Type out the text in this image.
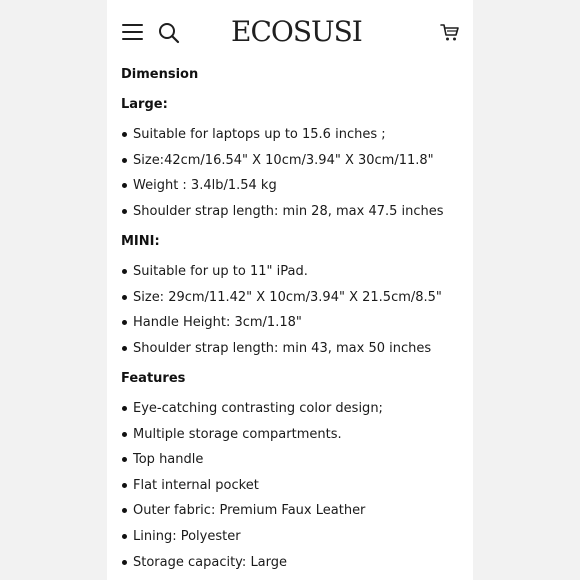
ECOSUSI
Dimension
Large:
Suitable for laptops up to 15.6 inches ;
Size:42cm/16.54" X 10cm/3.94" X 30cm/11.8"
Weight : 3.4lb/1.54 kg
Shoulder strap length: min 28, max 47.5 inches
MINI:
Suitable for up to 11" iPad.
Size: 29cm/11.42" X 10cm/3.94" X 21.5cm/8.5"
Handle Height: 3cm/1.18"
Shoulder strap length: min 43, max 50 inches
Features
Eye-catching contrasting color design;
Multiple storage compartments.
Top handle
Flat internal pocket
Outer fabric: Premium Faux Leather
Lining: Polyester
Storage capacity: Large
